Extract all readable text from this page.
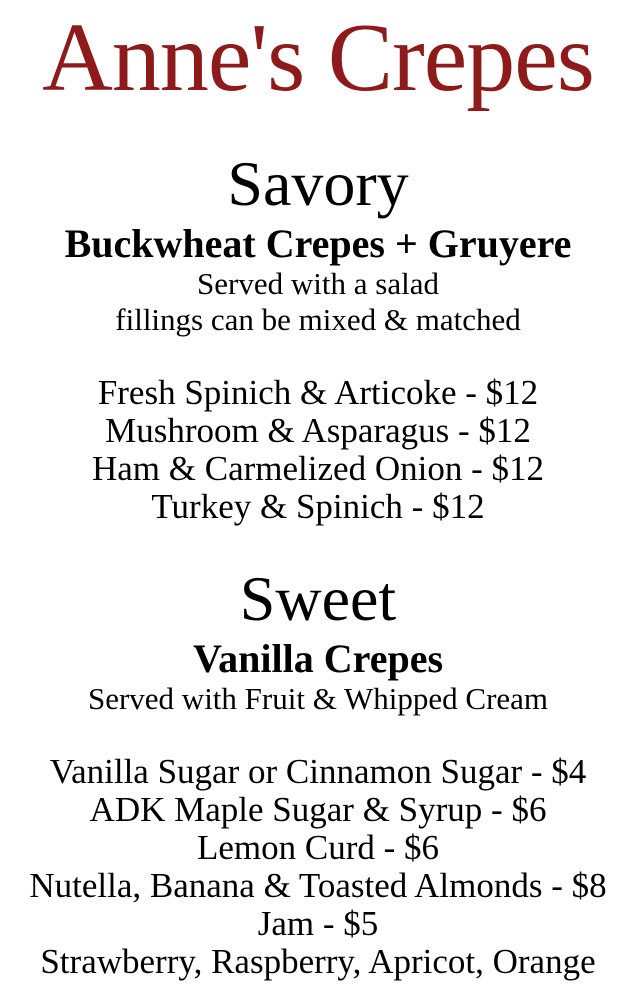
Anne's Crepes
Savory

Buckwheat Crepes + Gruyere

Served with a salad

fillings can be mixed & matched

Fresh Spinich & Articoke - $12

Mushroom & Asparagus - $12

Ham & Carmelized Onion - $12

Turkey & Spinich - $12

Sweet

Vanilla Crepes

Served with Fruit & Whipped Cream

Vanilla Sugar or Cinnamon Sugar - $4

ADK Maple Sugar & Syrup - $6

Lemon Curd - $6

Nutella, Banana & Toasted Almonds - $8

Jam - $5

Strawberry, Raspberry, Apricot, Orange
